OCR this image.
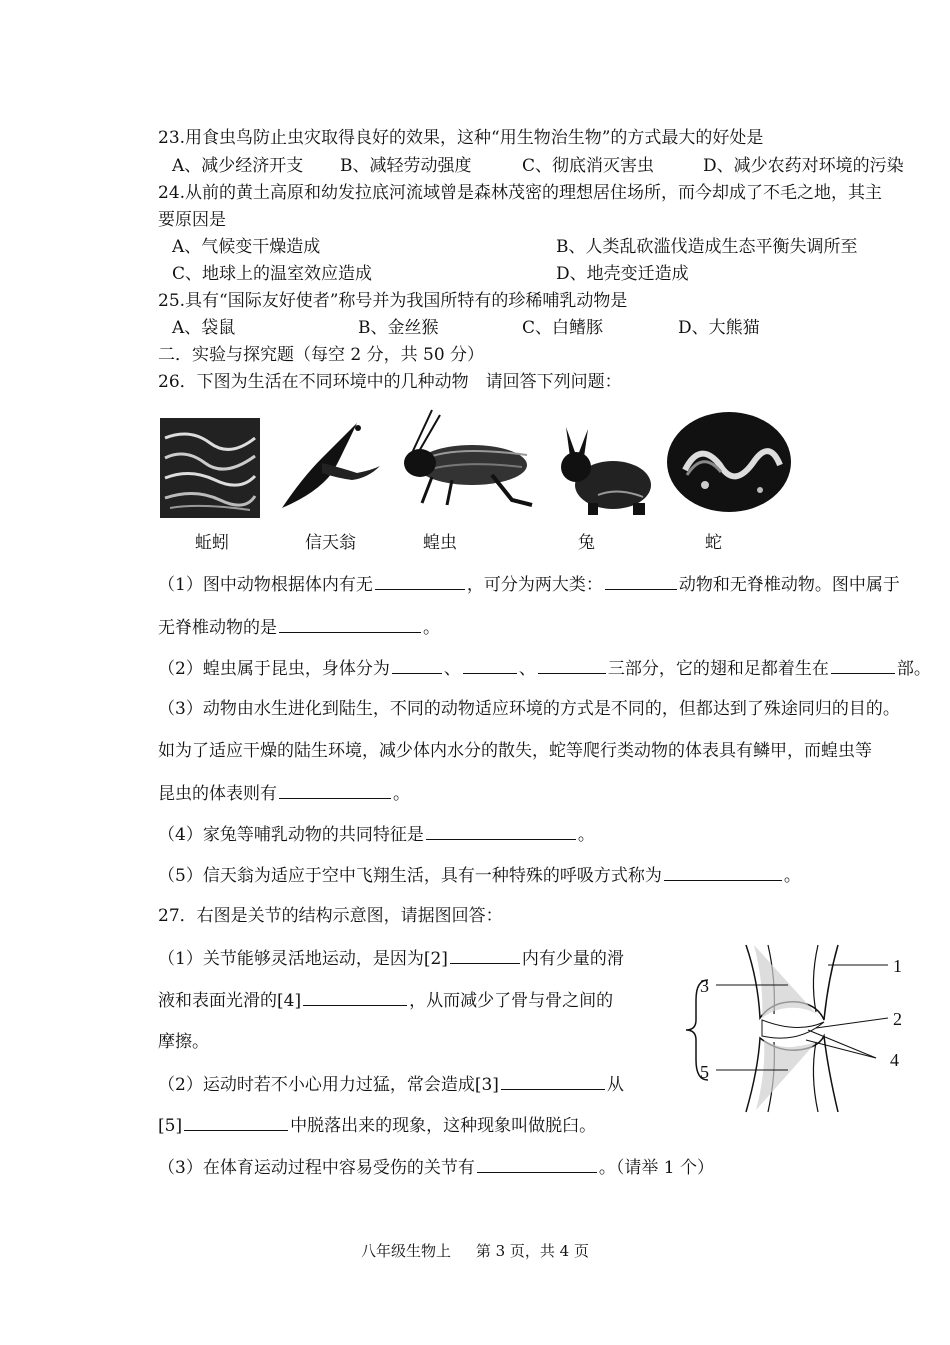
23.用食虫鸟防止虫灾取得良好的效果，这种“用生物治生物”的方式最大的好处是
A、减少经济开支 B、减轻劳动强度	C、彻底消灭害虫	D、减少农药对环境的污染
24.从前的黄土高原和幼发拉底河流域曾是森林茂密的理想居住场所，而今却成了不毛之地，其主
要原因是
A、气候变干燥造成	B、人类乱砍滥伐造成生态平衡失调所至
C、地球上的温室效应造成	D、地壳变迁造成
25.具有“国际友好使者”称号并为我国所特有的珍稀哺乳动物是
A、袋鼠	B、金丝猴	C、白鳍豚	D、大熊猫
二．实验与探究题（每空 2 分，共 50 分）
26．下图为生活在不同环境中的几种动物　请回答下列问题：
蚯蚓	信天翁	蝗虫	兔	蛇
（1）图中动物根据体内有无	，可分为两大类：	动物和无脊椎动物。图中属于
无脊椎动物的是	。
（2）蝗虫属于昆虫，身体分为	、	、	三部分，它的翅和足都着生在	部。
（3）动物由水生进化到陆生，不同的动物适应环境的方式是不同的，但都达到了殊途同归的目的。
如为了适应干燥的陆生环境，减少体内水分的散失，蛇等爬行类动物的体表具有鳞甲，而蝗虫等
昆虫的体表则有	。
（4）家兔等哺乳动物的共同特征是	。
（5）信天翁为适应于空中飞翔生活，具有一种特殊的呼吸方式称为	。
27．右图是关节的结构示意图，请据图回答：
（1）关节能够灵活地运动，是因为[2]	内有少量的滑
液和表面光滑的[4]	，从而减少了骨与骨之间的
摩擦。
（2）运动时若不小心用力过猛，常会造成[3]	从
[5]	中脱落出来的现象，这种现象叫做脱臼。
（3）在体育运动过程中容易受伤的关节有	。（请举 1 个）
1
2
3
4
5
八年级生物上 第 3 页，共 4 页
